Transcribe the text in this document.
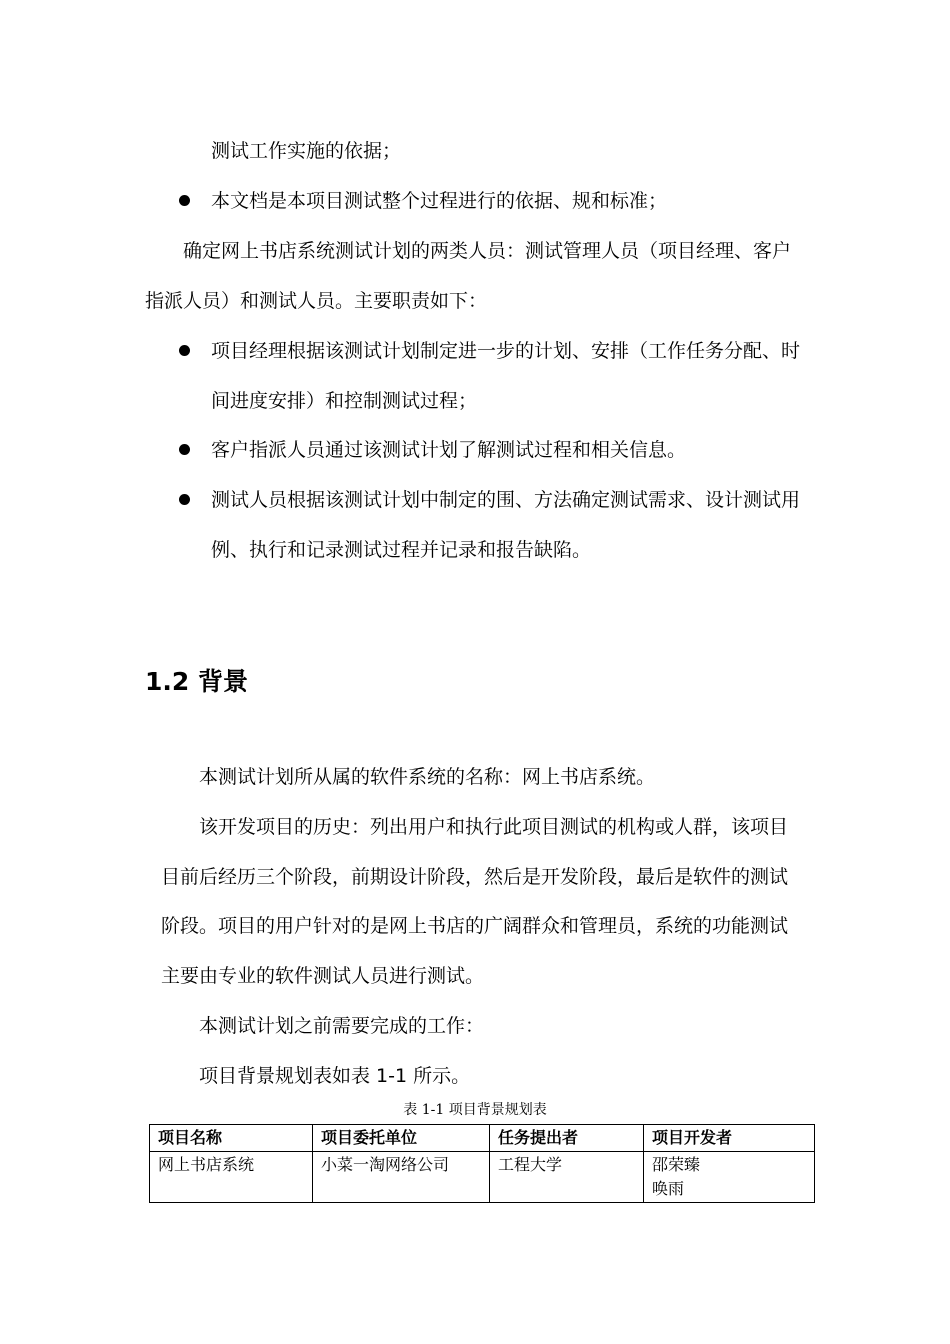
测试工作实施的依据；
本文档是本项目测试整个过程进行的依据、规和标准；
确定网上书店系统测试计划的两类人员：测试管理人员（项目经理、客户
指派人员）和测试人员。主要职责如下：
项目经理根据该测试计划制定进一步的计划、安排（工作任务分配、时
间进度安排）和控制测试过程；
客户指派人员通过该测试计划了解测试过程和相关信息。
测试人员根据该测试计划中制定的围、方法确定测试需求、设计测试用
例、执行和记录测试过程并记录和报告缺陷。
1.2 背景
本测试计划所从属的软件系统的名称：网上书店系统。
该开发项目的历史：列出用户和执行此项目测试的机构或人群，该项目
目前后经历三个阶段，前期设计阶段，然后是开发阶段，最后是软件的测试
阶段。项目的用户针对的是网上书店的广阔群众和管理员，系统的功能测试
主要由专业的软件测试人员进行测试。
本测试计划之前需要完成的工作：
项目背景规划表如表 1-1 所示。
表 1-1 项目背景规划表
项目名称	项目委托单位	任务提出者	项目开发者
网上书店系统	小菜一淘网络公司	工程大学	邵荣臻
唤雨
